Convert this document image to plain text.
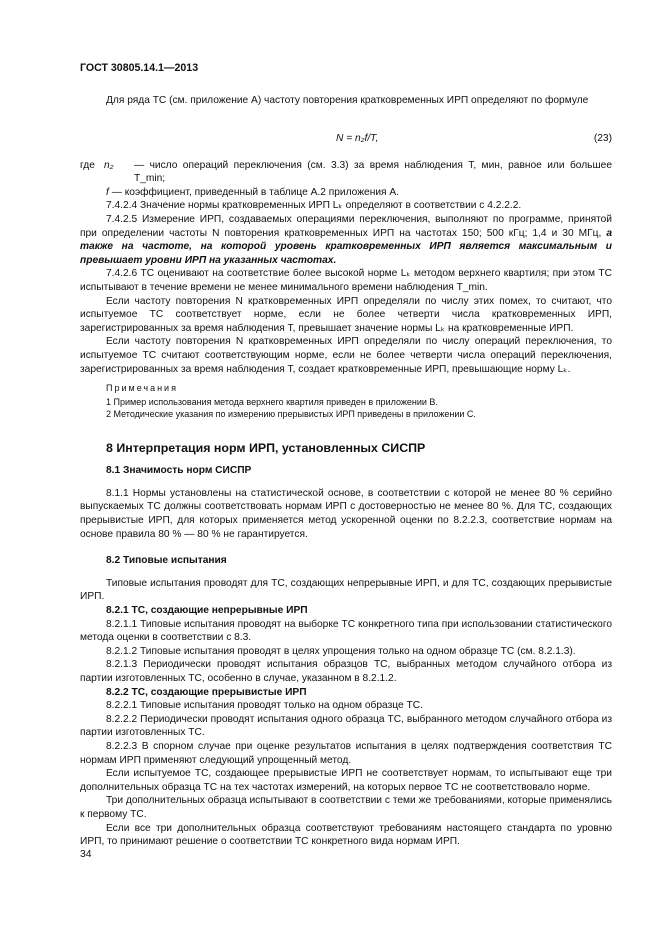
ГОСТ 30805.14.1—2013

Для ряда ТС (см. приложение А) частоту повторения кратковременных ИРП определяют по формуле

N = n₂f/T,	(23)
где n₂	— число операций переключения (см. 3.3) за время наблюдения T, мин, равное или большее T_min;

f — коэффициент, приведенный в таблице А.2 приложения А.

7.4.2.4 Значение нормы кратковременных ИРП Lₖ определяют в соответствии с 4.2.2.2.

7.4.2.5 Измерение ИРП, создаваемых операциями переключения, выполняют по программе, принятой при определении частоты N повторения кратковременных ИРП на частотах 150; 500 кГц; 1,4 и 30 МГц, а также на частоте, на которой уровень кратковременных ИРП является максимальным и превышает уровни ИРП на указанных частотах.

7.4.2.6 ТС оценивают на соответствие более высокой норме Lₖ методом верхнего квартиля; при этом ТС испытывают в течение времени не менее минимального времени наблюдения T_min.

Если частоту повторения N кратковременных ИРП определяли по числу этих помех, то считают, что испытуемое ТС соответствует норме, если не более четверти числа кратковременных ИРП, зарегистрированных за время наблюдения T, превышает значение нормы Lₖ на кратковременные ИРП.

Если частоту повторения N кратковременных ИРП определяли по числу операций переключения, то испытуемое ТС считают соответствующим норме, если не более четверти числа операций переключения, зарегистрированных за время наблюдения T, создает кратковременные ИРП, превышающие норму Lₖ.

Примечания
1 Пример использования метода верхнего квартиля приведен в приложении В.
2 Методические указания по измерению прерывистых ИРП приведены в приложении С.
8 Интерпретация норм ИРП, установленных СИСПР
8.1 Значимость норм СИСПР

8.1.1 Нормы установлены на статистической основе, в соответствии с которой не менее 80 % серийно выпускаемых ТС должны соответствовать нормам ИРП с достоверностью не менее 80 %. Для ТС, создающих прерывистые ИРП, для которых применяется метод ускоренной оценки по 8.2.2.3, соответствие нормам на основе правила 80 % — 80 % не гарантируется.

8.2 Типовые испытания

Типовые испытания проводят для ТС, создающих непрерывные ИРП, и для ТС, создающих прерывистые ИРП.

8.2.1 ТС, создающие непрерывные ИРП

8.2.1.1 Типовые испытания проводят на выборке ТС конкретного типа при использовании статистического метода оценки в соответствии с 8.3.

8.2.1.2 Типовые испытания проводят в целях упрощения только на одном образце ТС (см. 8.2.1.3).

8.2.1.3 Периодически проводят испытания образцов ТС, выбранных методом случайного отбора из партии изготовленных ТС, особенно в случае, указанном в 8.2.1.2.

8.2.2 ТС, создающие прерывистые ИРП

8.2.2.1 Типовые испытания проводят только на одном образце ТС.

8.2.2.2 Периодически проводят испытания одного образца ТС, выбранного методом случайного отбора из партии изготовленных ТС.

8.2.2.3 В спорном случае при оценке результатов испытания в целях подтверждения соответствия ТС нормам ИРП применяют следующий упрощенный метод.

Если испытуемое ТС, создающее прерывистые ИРП не соответствует нормам, то испытывают еще три дополнительных образца ТС на тех частотах измерений, на которых первое ТС не соответствовало норме.

Три дополнительных образца испытывают в соответствии с теми же требованиями, которые применялись к первому ТС.

Если все три дополнительных образца соответствуют требованиям настоящего стандарта по уровню ИРП, то принимают решение о соответствии ТС конкретного вида нормам ИРП.

34
